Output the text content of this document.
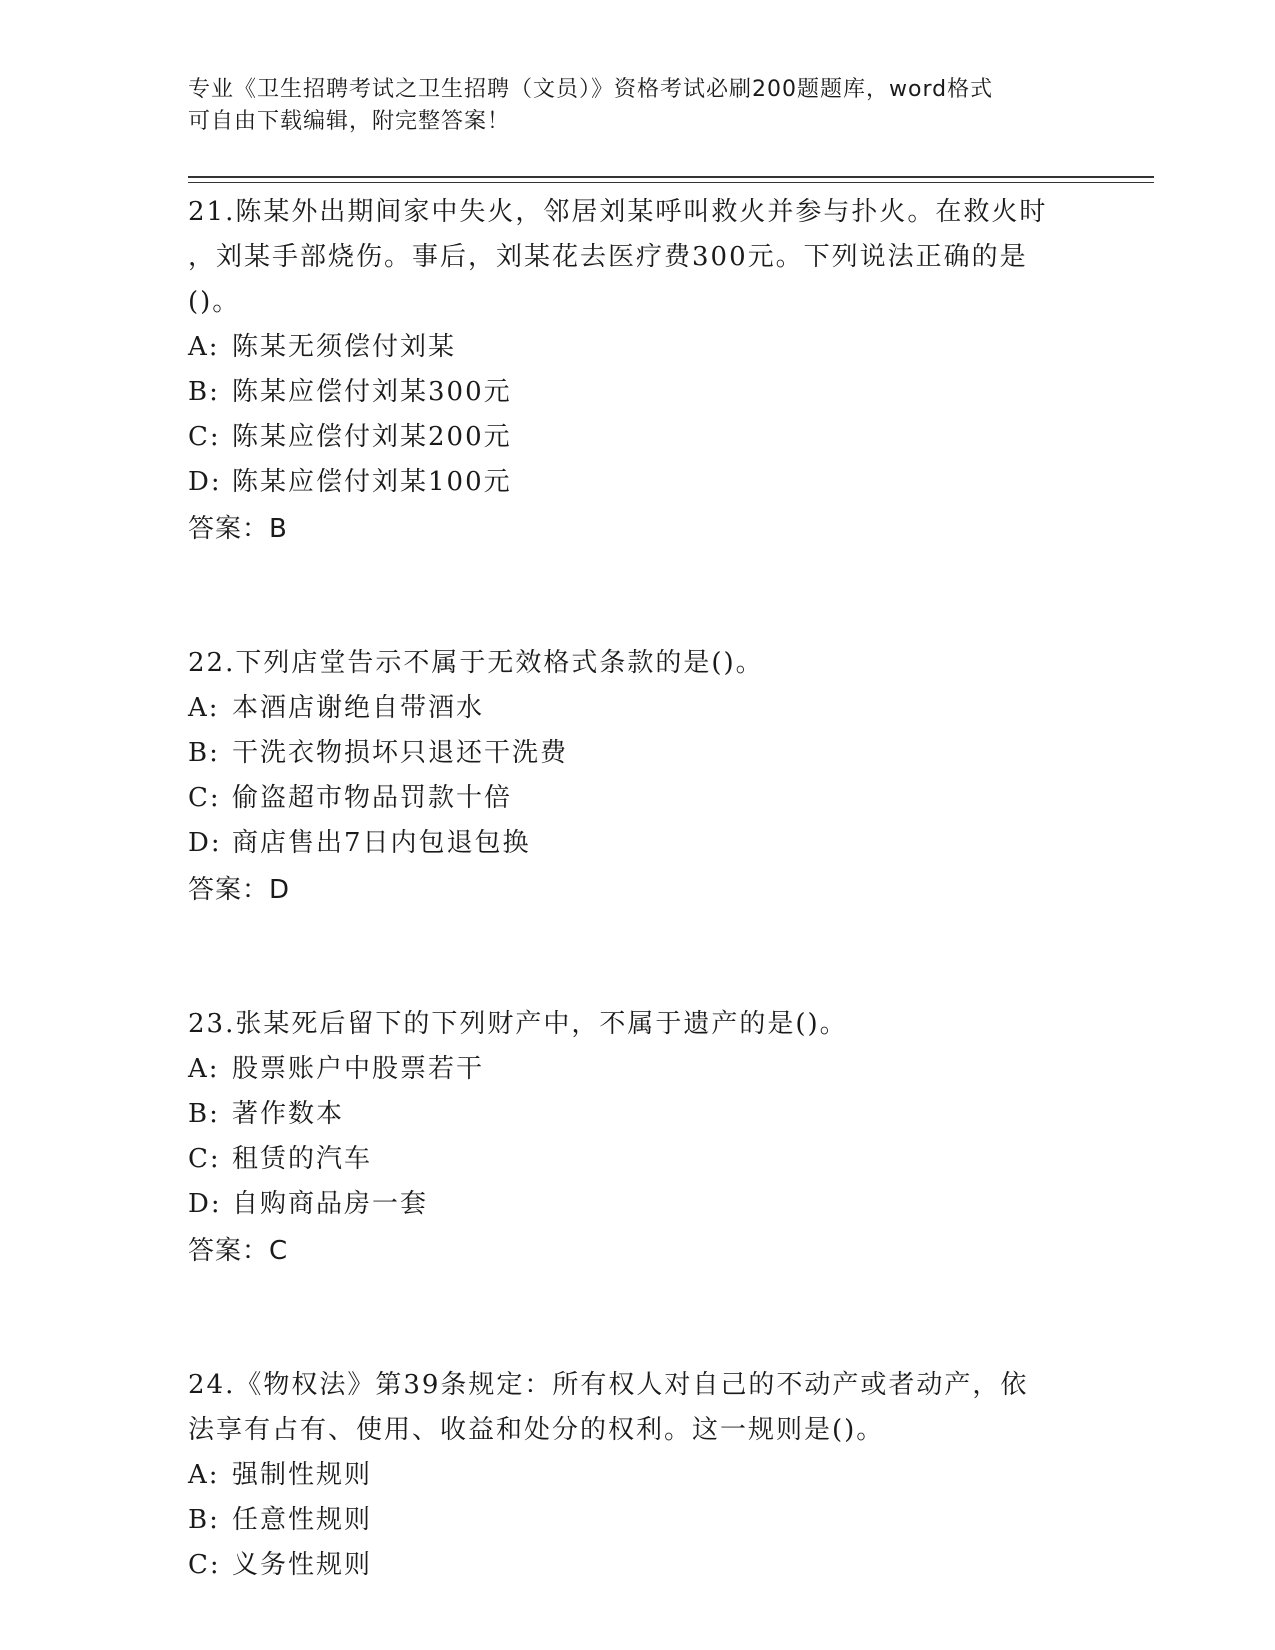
专业《卫生招聘考试之卫生招聘（文员）》资格考试必刷200题题库，word格式
可自由下载编辑，附完整答案！
21.陈某外出期间家中失火，邻居刘某呼叫救火并参与扑火。在救火时
，刘某手部烧伤。事后，刘某花去医疗费300元。下列说法正确的是
()。
A: 陈某无须偿付刘某
B: 陈某应偿付刘某300元
C: 陈某应偿付刘某200元
D: 陈某应偿付刘某100元
答案：B
22.下列店堂告示不属于无效格式条款的是()。
A: 本酒店谢绝自带酒水
B: 干洗衣物损坏只退还干洗费
C: 偷盗超市物品罚款十倍
D: 商店售出7日内包退包换
答案：D
23.张某死后留下的下列财产中，不属于遗产的是()。
A: 股票账户中股票若干
B: 著作数本
C: 租赁的汽车
D: 自购商品房一套
答案：C
24.《物权法》第39条规定：所有权人对自己的不动产或者动产，依
法享有占有、使用、收益和处分的权利。这一规则是()。
A: 强制性规则
B: 任意性规则
C: 义务性规则
